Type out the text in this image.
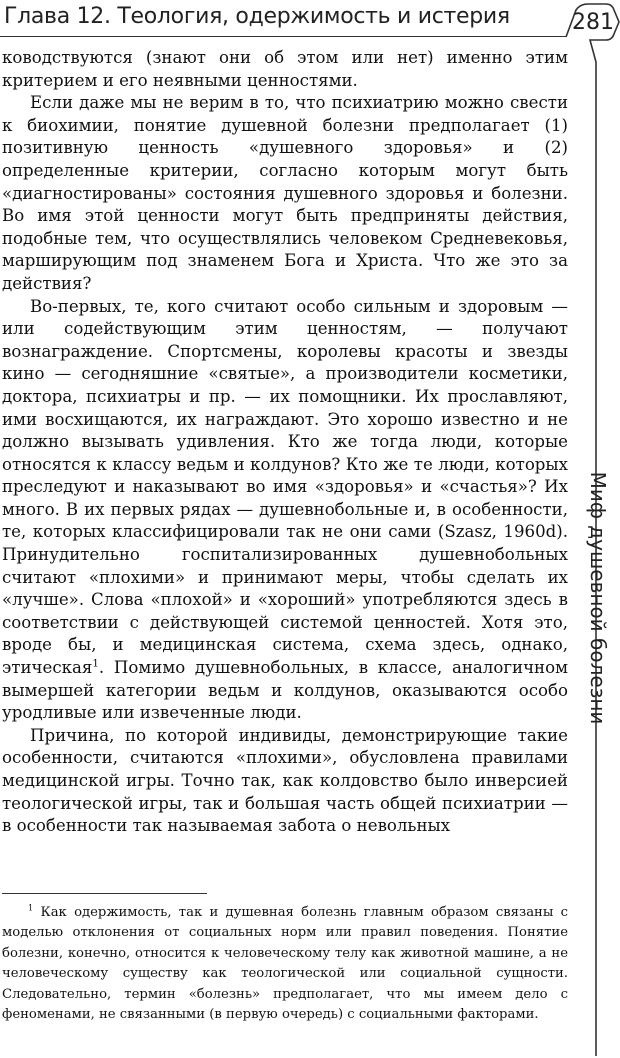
Глава 12. Теология, одержимость и истерия	281

ководствуются (знают они об этом или нет) именно этим критерием и его неявными ценностями.

Если даже мы не верим в то, что психиатрию можно свести к биохимии, понятие душевной болезни предполагает (1) позитивную ценность «душевного здоровья» и (2) определенные критерии, согласно которым могут быть «диагностированы» состояния душевного здоровья и болезни. Во имя этой ценности могут быть предприняты действия, подобные тем, что осуществлялись человеком Средневековья, марширующим под знаменем Бога и Христа. Что же это за действия?

Во-первых, те, кого считают особо сильным и здоровым — или содействующим этим ценностям, — получают вознаграждение. Спортсмены, королевы красоты и звезды кино — сегодняшние «святые», а производители косметики, доктора, психиатры и пр. — их помощники. Их прославляют, ими восхищаются, их награждают. Это хорошо известно и не должно вызывать удивления. Кто же тогда люди, которые относятся к классу ведьм и колдунов? Кто же те люди, которых преследуют и наказывают во имя «здоровья» и «счастья»? Их много. В их первых рядах — душевнобольные и, в особенности, те, которых классифицировали так не они сами (Szasz, 1960d). Принудительно госпитализированных душевнобольных считают «плохими» и принимают меры, чтобы сделать их «лучше». Слова «плохой» и «хороший» употребляются здесь в соответствии с действующей системой ценностей. Хотя это, вроде бы, и медицинская система, схема здесь, однако, этическая$^1$. Помимо душевнобольных, в классе, аналогичном вымершей категории ведьм и колдунов, оказываются особо уродливые или извеченные люди.

Причина, по которой индивиды, демонстрирующие такие особенности, считаются «плохими», обусловлена правилами медицинской игры. Точно так, как колдовство было инверсией теологической игры, так и большая часть общей психиатрии — в особенности так называемая забота о невольных

Миф душевной болезни
$^1$ Как одержимость, так и душевная болезнь главным образом связаны с моделью отклонения от социальных норм или правил поведения. Понятие болезни, конечно, относится к человеческому телу как животной машине, а не человеческому существу как теологической или социальной сущности. Следовательно, термин «болезнь» предполагает, что мы имеем дело с феноменами, не связанными (в первую очередь) с социальными факторами.
